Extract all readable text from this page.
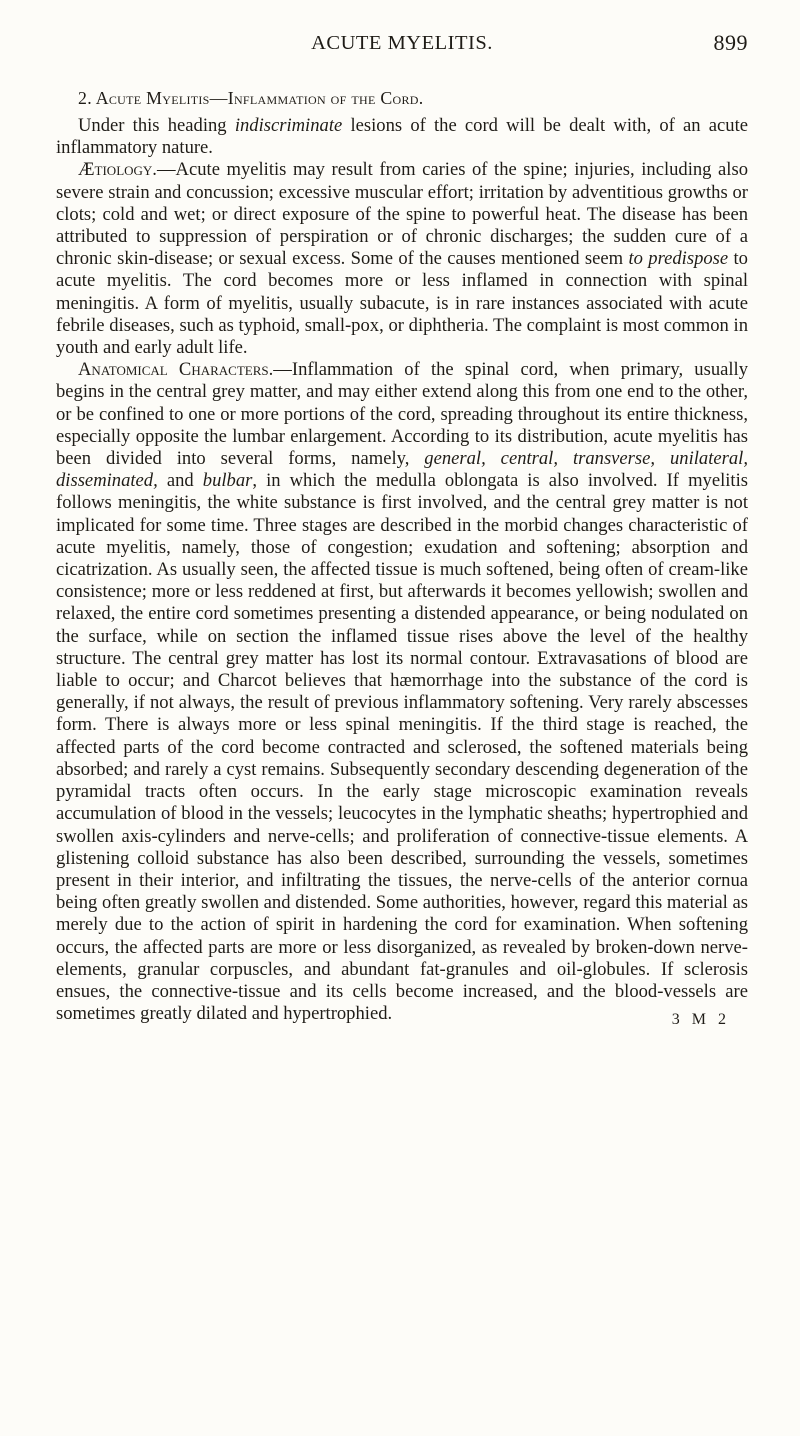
ACUTE MYELITIS.	899
2. Acute Myelitis—Inflammation of the Cord.

Under this heading indiscriminate lesions of the cord will be dealt with, of an acute inflammatory nature.

Ætiology.—Acute myelitis may result from caries of the spine; injuries, including also severe strain and concussion; excessive muscular effort; irritation by adventitious growths or clots; cold and wet; or direct exposure of the spine to powerful heat. The disease has been attributed to suppression of perspiration or of chronic discharges; the sudden cure of a chronic skin-disease; or sexual excess. Some of the causes mentioned seem to predispose to acute myelitis. The cord becomes more or less inflamed in connection with spinal meningitis. A form of myelitis, usually subacute, is in rare instances associated with acute febrile diseases, such as typhoid, small-pox, or diphtheria. The complaint is most common in youth and early adult life.

Anatomical Characters.—Inflammation of the spinal cord, when primary, usually begins in the central grey matter, and may either extend along this from one end to the other, or be confined to one or more portions of the cord, spreading throughout its entire thickness, especially opposite the lumbar enlargement. According to its distribution, acute myelitis has been divided into several forms, namely, general, central, transverse, unilateral, disseminated, and bulbar, in which the medulla oblongata is also involved. If myelitis follows meningitis, the white substance is first involved, and the central grey matter is not implicated for some time. Three stages are described in the morbid changes characteristic of acute myelitis, namely, those of congestion; exudation and softening; absorption and cicatrization. As usually seen, the affected tissue is much softened, being often of cream-like consistence; more or less reddened at first, but afterwards it becomes yellowish; swollen and relaxed, the entire cord sometimes presenting a distended appearance, or being nodulated on the surface, while on section the inflamed tissue rises above the level of the healthy structure. The central grey matter has lost its normal contour. Extravasations of blood are liable to occur; and Charcot believes that hæmorrhage into the substance of the cord is generally, if not always, the result of previous inflammatory softening. Very rarely abscesses form. There is always more or less spinal meningitis. If the third stage is reached, the affected parts of the cord become contracted and sclerosed, the softened materials being absorbed; and rarely a cyst remains. Subsequently secondary descending degeneration of the pyramidal tracts often occurs. In the early stage microscopic examination reveals accumulation of blood in the vessels; leucocytes in the lymphatic sheaths; hypertrophied and swollen axis-cylinders and nerve-cells; and proliferation of connective-tissue elements. A glistening colloid substance has also been described, surrounding the vessels, sometimes present in their interior, and infiltrating the tissues, the nerve-cells of the anterior cornua being often greatly swollen and distended. Some authorities, however, regard this material as merely due to the action of spirit in hardening the cord for examination. When softening occurs, the affected parts are more or less disorganized, as revealed by broken-down nerve-elements, granular corpuscles, and abundant fat-granules and oil-globules. If sclerosis ensues, the connective-tissue and its cells become increased, and the blood-vessels are sometimes greatly dilated and hypertrophied.	3 M 2
